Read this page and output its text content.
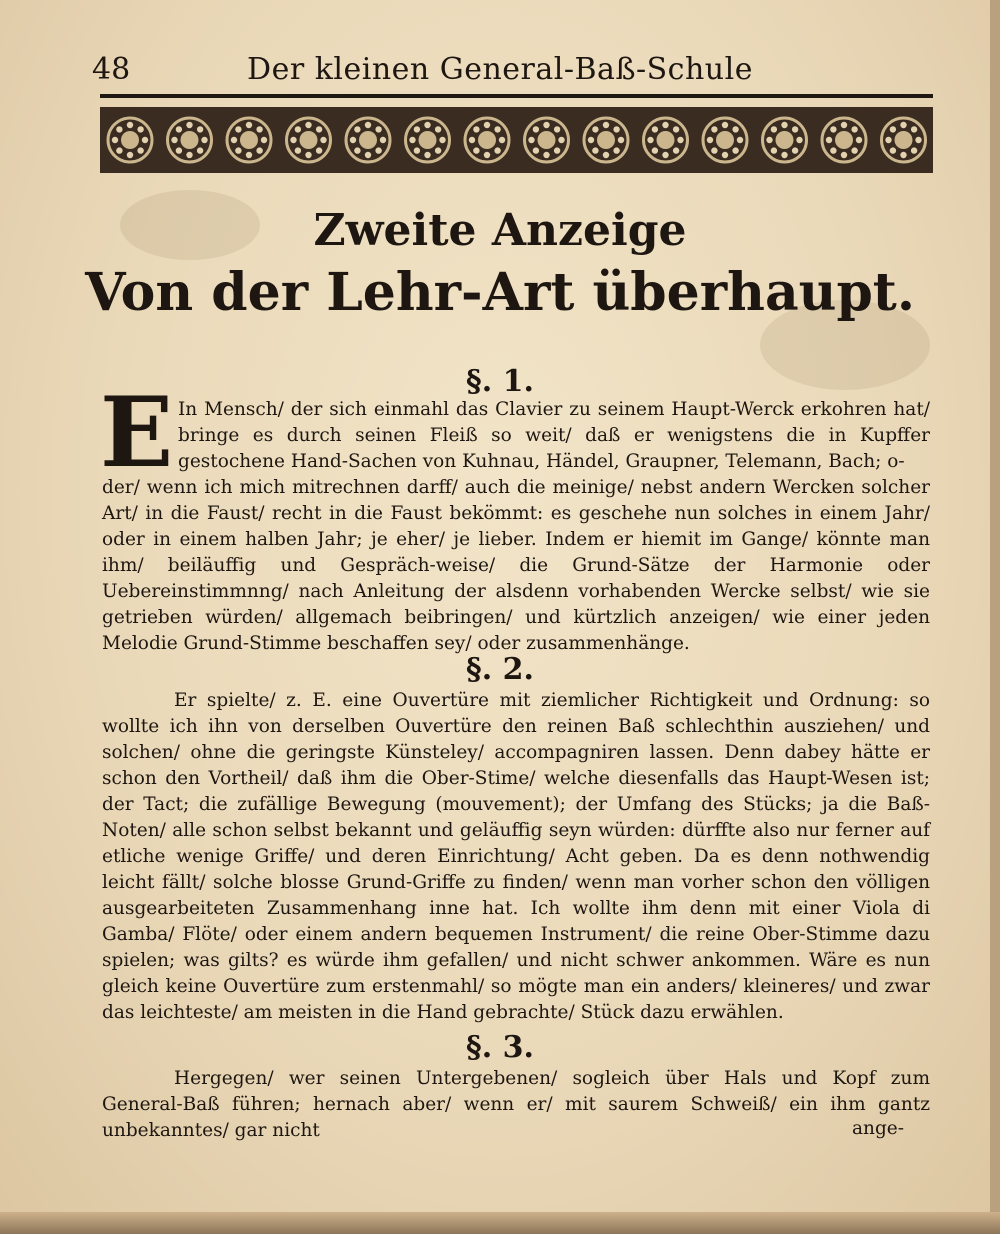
48	Der kleinen General-Baß-Schule
Zweite Anzeige
Von der Lehr-Art überhaupt.
§. 1.
E In Mensch/ der sich einmahl das Clavier zu seinem Haupt-Werck erkohren hat/ bringe es durch seinen Fleiß so weit/ daß er wenigstens die in Kupffer gestochene Hand-Sachen von Kuhnau, Händel, Graupner, Telemann, Bach; o-

der/ wenn ich mich mitrechnen darff/ auch die meinige/ nebst andern Wercken solcher Art/ in die Faust/ recht in die Faust bekömmt: es geschehe nun solches in einem Jahr/ oder in einem halben Jahr; je eher/ je lieber. Indem er hiemit im Gange/ könnte man ihm/ beiläuffig und Gespräch-weise/ die Grund-Sätze der Harmonie oder Uebereinstimmnng/ nach Anleitung der alsdenn vorhabenden Wercke selbst/ wie sie getrieben würden/ allgemach beibringen/ und kürtzlich anzeigen/ wie einer jeden Melodie Grund-Stimme beschaffen sey/ oder zusammenhänge.

§. 2.

Er spielte/ z. E. eine Ouvertüre mit ziemlicher Richtigkeit und Ordnung: so wollte ich ihn von derselben Ouvertüre den reinen Baß schlechthin ausziehen/ und solchen/ ohne die geringste Künsteley/ accompagniren lassen. Denn dabey hätte er schon den Vortheil/ daß ihm die Ober-Stime/ welche diesenfalls das Haupt-Wesen ist; der Tact; die zufällige Bewegung (mouvement); der Umfang des Stücks; ja die Baß-Noten/ alle schon selbst bekannt und geläuffig seyn würden: dürffte also nur ferner auf etliche wenige Griffe/ und deren Einrichtung/ Acht geben. Da es denn nothwendig leicht fällt/ solche blosse Grund-Griffe zu finden/ wenn man vorher schon den völligen ausgearbeiteten Zusammenhang inne hat. Ich wollte ihm denn mit einer Viola di Gamba/ Flöte/ oder einem andern bequemen Instrument/ die reine Ober-Stimme dazu spielen; was gilts? es würde ihm gefallen/ und nicht schwer ankommen. Wäre es nun gleich keine Ouvertüre zum erstenmahl/ so mögte man ein anders/ kleineres/ und zwar das leichteste/ am meisten in die Hand gebrachte/ Stück dazu erwählen.

§. 3.

Hergegen/ wer seinen Untergebenen/ sogleich über Hals und Kopf zum General-Baß führen; hernach aber/ wenn er/ mit saurem Schweiß/ ein ihm gantz unbekanntes/ gar nicht	ange-
